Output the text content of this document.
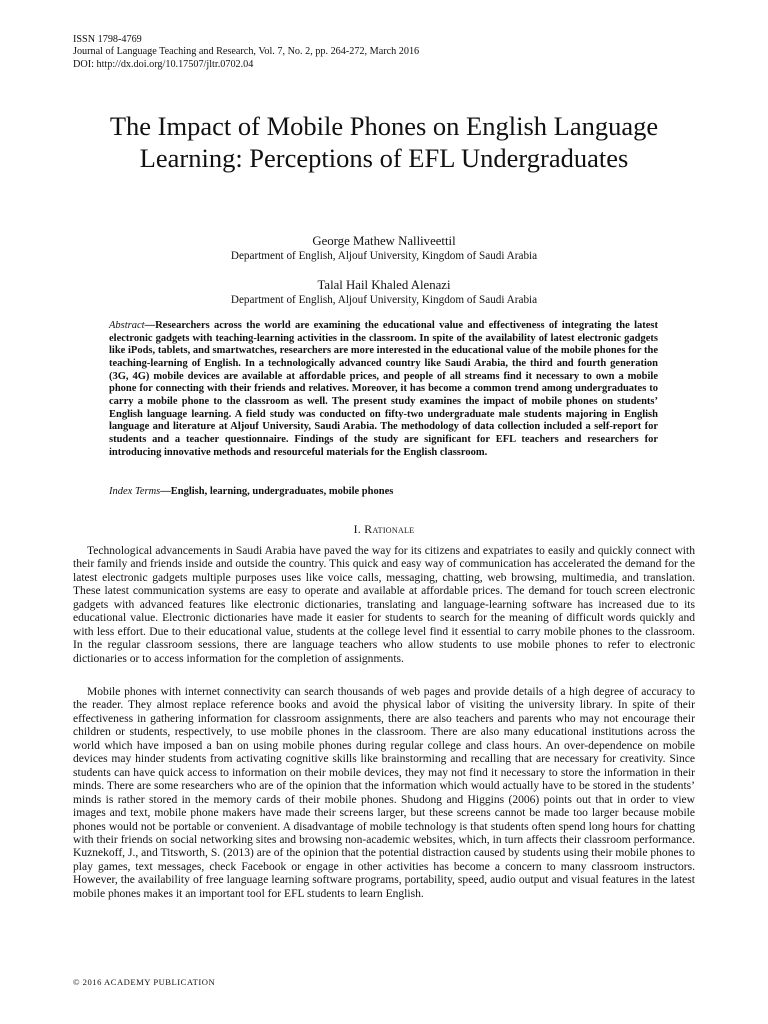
ISSN 1798-4769
Journal of Language Teaching and Research, Vol. 7, No. 2, pp. 264-272, March 2016
DOI: http://dx.doi.org/10.17507/jltr.0702.04
The Impact of Mobile Phones on English Language Learning: Perceptions of EFL Undergraduates
George Mathew Nalliveettil
Department of English, Aljouf University, Kingdom of Saudi Arabia
Talal Hail Khaled Alenazi
Department of English, Aljouf University, Kingdom of Saudi Arabia

Abstract—Researchers across the world are examining the educational value and effectiveness of integrating the latest electronic gadgets with teaching-learning activities in the classroom. In spite of the availability of latest electronic gadgets like iPods, tablets, and smartwatches, researchers are more interested in the educational value of the mobile phones for the teaching-learning of English. In a technologically advanced country like Saudi Arabia, the third and fourth generation (3G, 4G) mobile devices are available at affordable prices, and people of all streams find it necessary to own a mobile phone for connecting with their friends and relatives. Moreover, it has become a common trend among undergraduates to carry a mobile phone to the classroom as well. The present study examines the impact of mobile phones on students’ English language learning. A field study was conducted on fifty-two undergraduate male students majoring in English language and literature at Aljouf University, Saudi Arabia. The methodology of data collection included a self-report for students and a teacher questionnaire. Findings of the study are significant for EFL teachers and researchers for introducing innovative methods and resourceful materials for the English classroom.

Index Terms—English, learning, undergraduates, mobile phones
I. Rationale

Technological advancements in Saudi Arabia have paved the way for its citizens and expatriates to easily and quickly connect with their family and friends inside and outside the country. This quick and easy way of communication has accelerated the demand for the latest electronic gadgets multiple purposes uses like voice calls, messaging, chatting, web browsing, multimedia, and translation. These latest communication systems are easy to operate and available at affordable prices. The demand for touch screen electronic gadgets with advanced features like electronic dictionaries, translating and language-learning software has increased due to its educational value. Electronic dictionaries have made it easier for students to search for the meaning of difficult words quickly and with less effort. Due to their educational value, students at the college level find it essential to carry mobile phones to the classroom. In the regular classroom sessions, there are language teachers who allow students to use mobile phones to refer to electronic dictionaries or to access information for the completion of assignments.

Mobile phones with internet connectivity can search thousands of web pages and provide details of a high degree of accuracy to the reader. They almost replace reference books and avoid the physical labor of visiting the university library. In spite of their effectiveness in gathering information for classroom assignments, there are also teachers and parents who may not encourage their children or students, respectively, to use mobile phones in the classroom. There are also many educational institutions across the world which have imposed a ban on using mobile phones during regular college and class hours. An over-dependence on mobile devices may hinder students from activating cognitive skills like brainstorming and recalling that are necessary for creativity. Since students can have quick access to information on their mobile devices, they may not find it necessary to store the information in their minds. There are some researchers who are of the opinion that the information which would actually have to be stored in the students’ minds is rather stored in the memory cards of their mobile phones. Shudong and Higgins (2006) points out that in order to view images and text, mobile phone makers have made their screens larger, but these screens cannot be made too larger because mobile phones would not be portable or convenient. A disadvantage of mobile technology is that students often spend long hours for chatting with their friends on social networking sites and browsing non-academic websites, which, in turn affects their classroom performance. Kuznekoff, J., and Titsworth, S. (2013) are of the opinion that the potential distraction caused by students using their mobile phones to play games, text messages, check Facebook or engage in other activities has become a concern to many classroom instructors. However, the availability of free language learning software programs, portability, speed, audio output and visual features in the latest mobile phones makes it an important tool for EFL students to learn English.

© 2016 ACADEMY PUBLICATION
